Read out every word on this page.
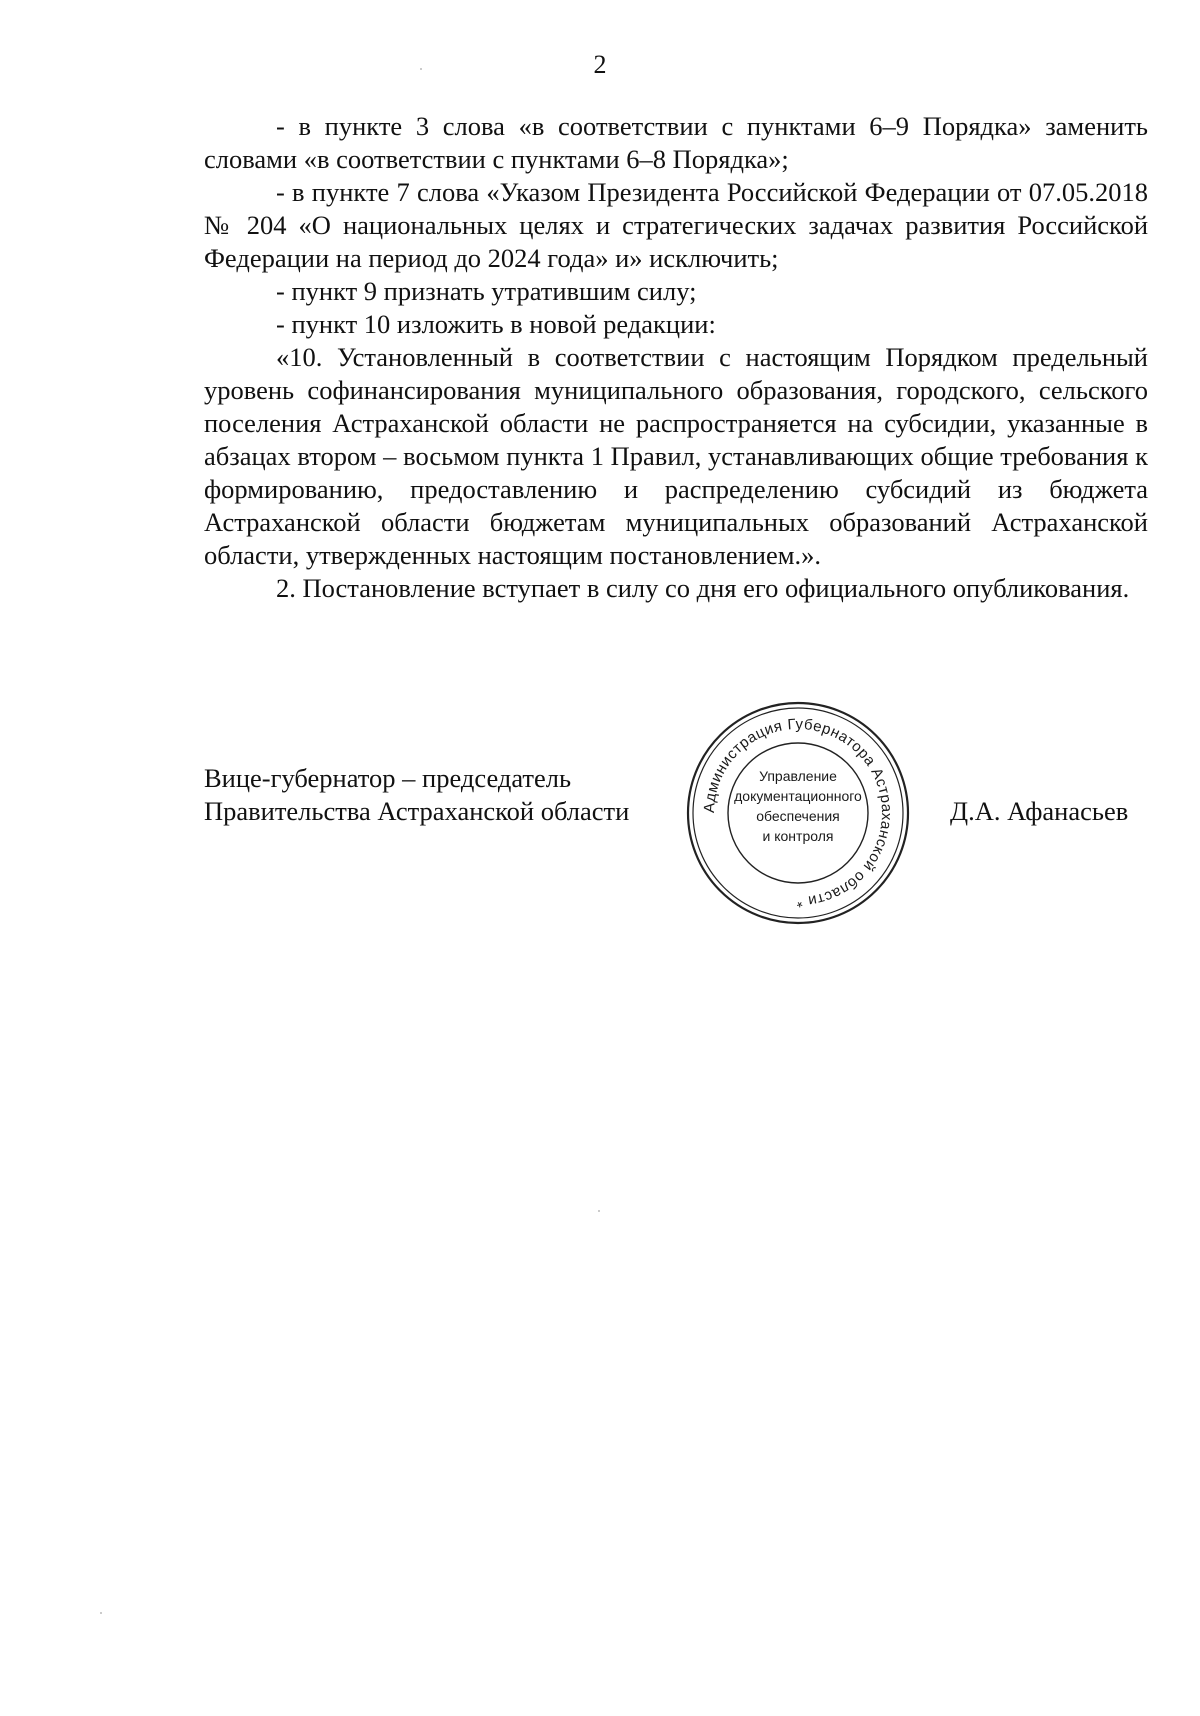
2

- в пункте 3 слова «в соответствии с пунктами 6–9 Порядка» заменить словами «в соответствии с пунктами 6–8 Порядка»;

- в пункте 7 слова «Указом Президента Российской Федерации от 07.05.2018 № 204 «О национальных целях и стратегических задачах развития Российской Федерации на период до 2024 года» и» исключить;

- пункт 9 признать утратившим силу;

- пункт 10 изложить в новой редакции:

«10. Установленный в соответствии с настоящим Порядком предельный уровень софинансирования муниципального образования, городского, сельского поселения Астраханской области не распространяется на субсидии, указанные в абзацах втором – восьмом пункта 1 Правил, устанавливающих общие требования к формированию, предоставлению и распределению субсидий из бюджета Астраханской области бюджетам муниципальных образований Астраханской области, утвержденных настоящим постановлением.».

2. Постановление вступает в силу со дня его официального опубликования.

Вице-губернатор – председатель
Правительства Астраханской области	Администрация Губернатора Астраханской области *
Управление
документационного
обеспечения
и контроля
Д.А. Афанасьев
